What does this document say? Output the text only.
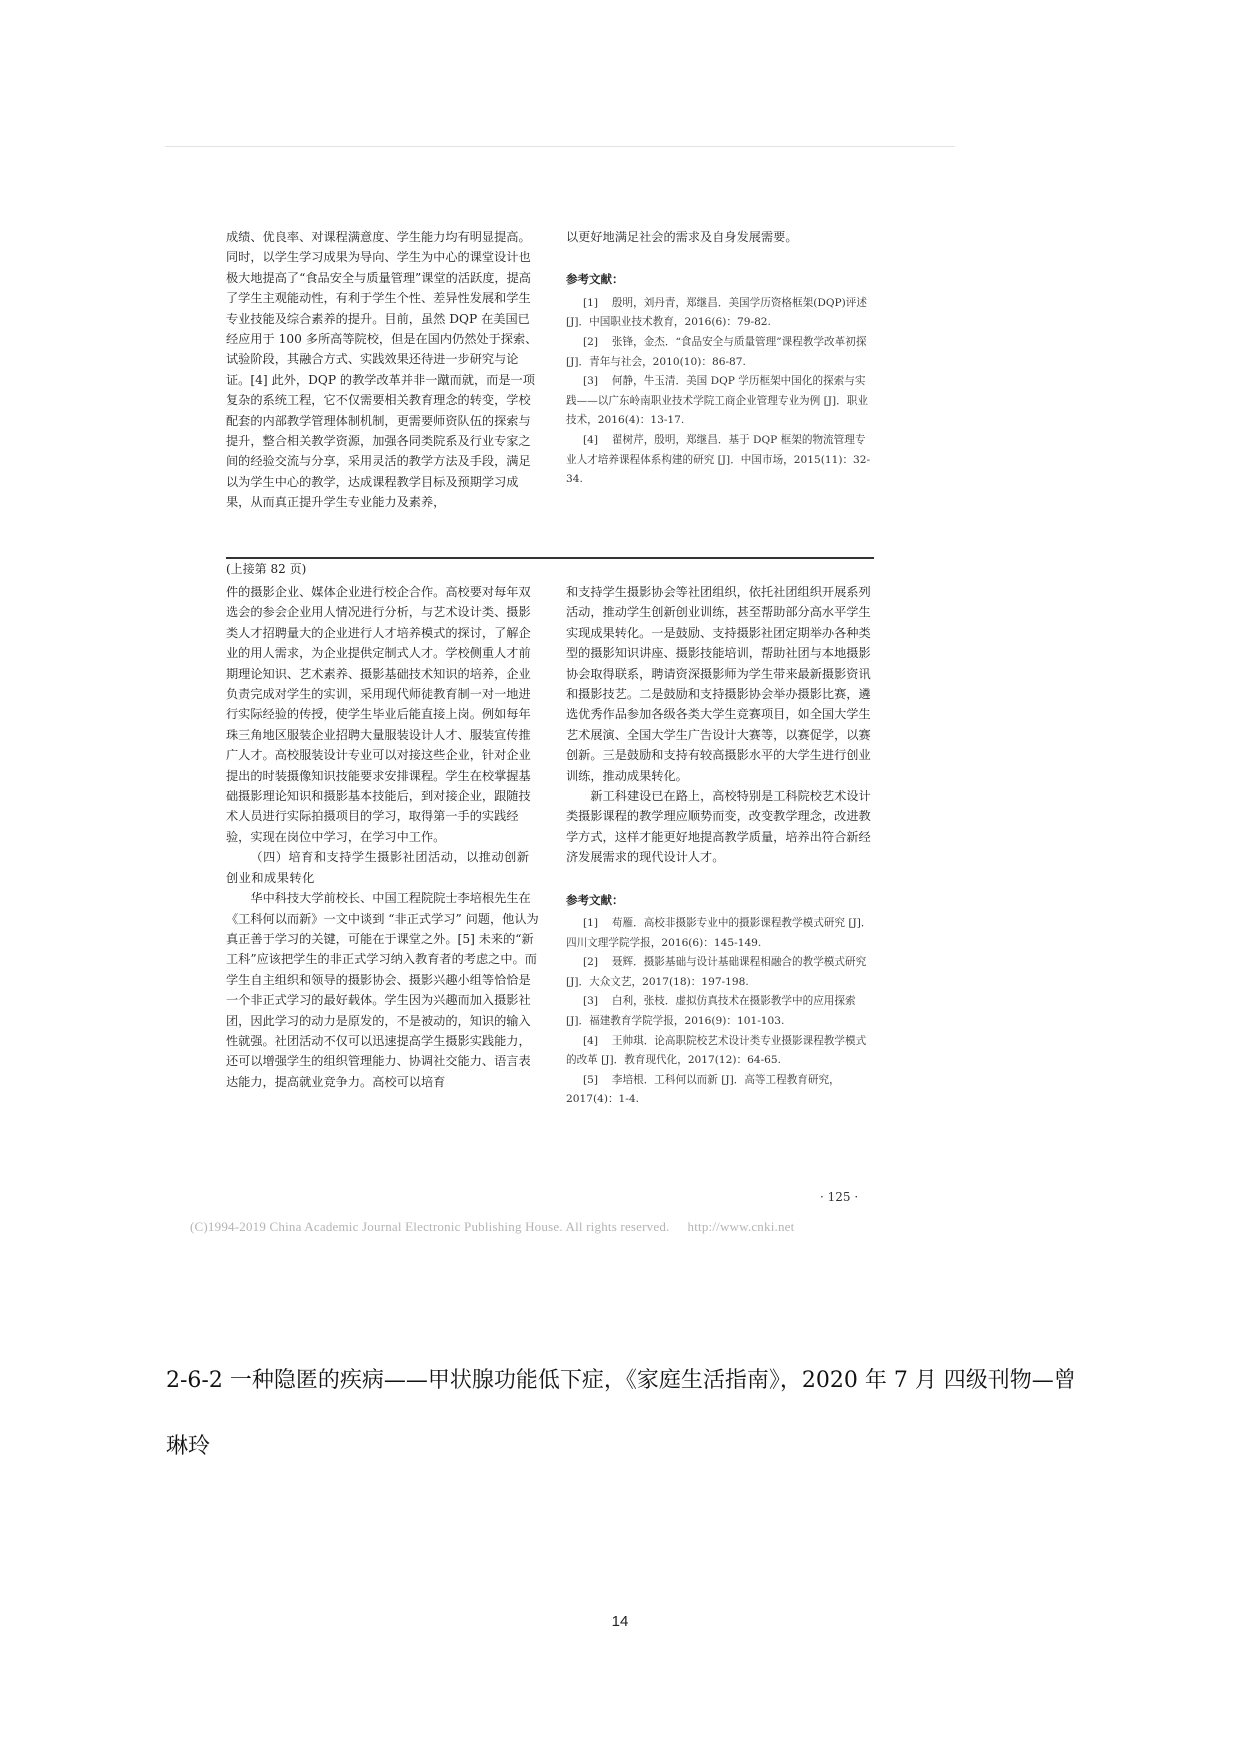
成绩、优良率、对课程满意度、学生能力均有明显提高。同时，以学生学习成果为导向、学生为中心的课堂设计也极大地提高了“食品安全与质量管理”课堂的活跃度，提高了学生主观能动性，有利于学生个性、差异性发展和学生专业技能及综合素养的提升。目前，虽然 DQP 在美国已经应用于 100 多所高等院校，但是在国内仍然处于探索、试验阶段，其融合方式、实践效果还待进一步研究与论证。[4] 此外，DQP 的教学改革并非一蹴而就，而是一项复杂的系统工程，它不仅需要相关教育理念的转变，学校配套的内部教学管理体制机制，更需要师资队伍的探索与提升，整合相关教学资源，加强各同类院系及行业专家之间的经验交流与分享，采用灵活的教学方法及手段，满足以为学生中心的教学，达成课程教学目标及预期学习成果，从而真正提升学生专业能力及素养，

以更好地满足社会的需求及自身发展需要。

参考文献：

[1]　 殷明，刘丹青，郑继昌．美国学历资格框架(DQP)评述 [J]．中国职业技术教育，2016(6)：79-82.
[2]　 张锋，金杰．“食品安全与质量管理”课程教学改革初探 [J]．青年与社会，2010(10)：86-87.
[3]　 何静，牛玉清．美国 DQP 学历框架中国化的探索与实践——以广东岭南职业技术学院工商企业管理专业为例 [J]．职业技术，2016(4)：13-17.
[4]　 翟树芹，殷明，郑继昌．基于 DQP 框架的物流管理专业人才培养课程体系构建的研究 [J]．中国市场，2015(11)：32-34.
(上接第 82 页)

件的摄影企业、媒体企业进行校企合作。高校要对每年双选会的参会企业用人情况进行分析，与艺术设计类、摄影类人才招聘量大的企业进行人才培养模式的探讨，了解企业的用人需求，为企业提供定制式人才。学校侧重人才前期理论知识、艺术素养、摄影基础技术知识的培养，企业负责完成对学生的实训，采用现代师徒教育制一对一地进行实际经验的传授，使学生毕业后能直接上岗。例如每年珠三角地区服装企业招聘大量服装设计人才、服装宣传推广人才。高校服装设计专业可以对接这些企业，针对企业提出的时装摄像知识技能要求安排课程。学生在校掌握基础摄影理论知识和摄影基本技能后，到对接企业，跟随技术人员进行实际拍摄项目的学习，取得第一手的实践经验，实现在岗位中学习，在学习中工作。

（四）培育和支持学生摄影社团活动，以推动创新创业和成果转化

华中科技大学前校长、中国工程院院士李培根先生在《工科何以而新》一文中谈到 “非正式学习” 问题，他认为真正善于学习的关键，可能在于课堂之外。[5] 未来的“新工科”应该把学生的非正式学习纳入教育者的考虑之中。而学生自主组织和领导的摄影协会、摄影兴趣小组等恰恰是一个非正式学习的最好载体。学生因为兴趣而加入摄影社团，因此学习的动力是原发的，不是被动的，知识的输入性就强。社团活动不仅可以迅速提高学生摄影实践能力，还可以增强学生的组织管理能力、协调社交能力、语言表达能力，提高就业竞争力。高校可以培育

和支持学生摄影协会等社团组织，依托社团组织开展系列活动，推动学生创新创业训练，甚至帮助部分高水平学生实现成果转化。一是鼓励、支持摄影社团定期举办各种类型的摄影知识讲座、摄影技能培训，帮助社团与本地摄影协会取得联系，聘请资深摄影师为学生带来最新摄影资讯和摄影技艺。二是鼓励和支持摄影协会举办摄影比赛，遴选优秀作品参加各级各类大学生竞赛项目，如全国大学生艺术展演、全国大学生广告设计大赛等，以赛促学，以赛创新。三是鼓励和支持有较高摄影水平的大学生进行创业训练，推动成果转化。

新工科建设已在路上，高校特别是工科院校艺术设计类摄影课程的教学理应顺势而变，改变教学理念，改进教学方式，这样才能更好地提高教学质量，培养出符合新经济发展需求的现代设计人才。

参考文献：

[1]　 苟雁．高校非摄影专业中的摄影课程教学模式研究 [J]．四川文理学院学报，2016(6)：145-149.
[2]　 聂辉．摄影基础与设计基础课程相融合的教学模式研究 [J]．大众文艺，2017(18)：197-198.
[3]　 白利，张枝．虚拟仿真技术在摄影教学中的应用探索 [J]．福建教育学院学报，2016(9)：101-103.
[4]　 王帅琪．论高职院校艺术设计类专业摄影课程教学模式的改革 [J]．教育现代化，2017(12)：64-65.
[5]　 李培根．工科何以而新 [J]．高等工程教育研究，2017(4)：1-4.
· 125 ·
(C)1994-2019 China Academic Journal Electronic Publishing House. All rights reserved. http://www.cnki.net
2-6-2 一种隐匿的疾病——甲状腺功能低下症，《家庭生活指南》，2020 年 7 月 四级刊物—曾琳玲
14
